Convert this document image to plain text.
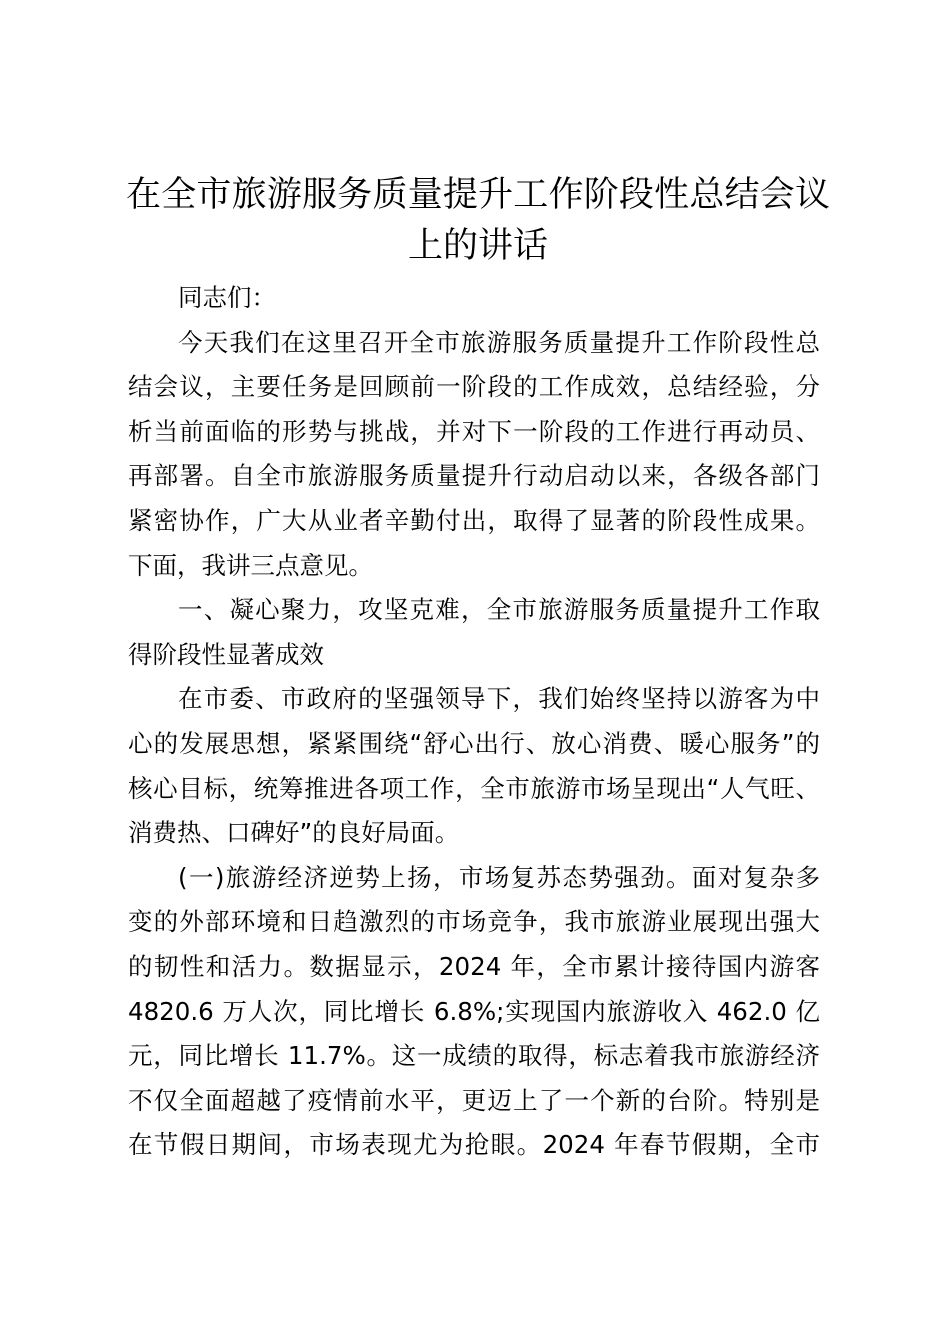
在全市旅游服务质量提升工作阶段性总结会议
上的讲话
同志们：
今天我们在这里召开全市旅游服务质量提升工作阶段性总
结会议，主要任务是回顾前一阶段的工作成效，总结经验，分
析当前面临的形势与挑战，并对下一阶段的工作进行再动员、
再部署。自全市旅游服务质量提升行动启动以来，各级各部门
紧密协作，广大从业者辛勤付出，取得了显著的阶段性成果。
下面，我讲三点意见。
一、凝心聚力，攻坚克难，全市旅游服务质量提升工作取
得阶段性显著成效
在市委、市政府的坚强领导下，我们始终坚持以游客为中
心的发展思想，紧紧围绕“舒心出行、放心消费、暖心服务”的
核心目标，统筹推进各项工作，全市旅游市场呈现出“人气旺、
消费热、口碑好”的良好局面。
(一)旅游经济逆势上扬，市场复苏态势强劲。面对复杂多
变的外部环境和日趋激烈的市场竞争，我市旅游业展现出强大
的韧性和活力。数据显示，2024 年，全市累计接待国内游客
4820.6 万人次，同比增长 6.8%;实现国内旅游收入 462.0 亿
元，同比增长 11.7%。这一成绩的取得，标志着我市旅游经济
不仅全面超越了疫情前水平，更迈上了一个新的台阶。特别是
在节假日期间，市场表现尤为抢眼。2024 年春节假期，全市
